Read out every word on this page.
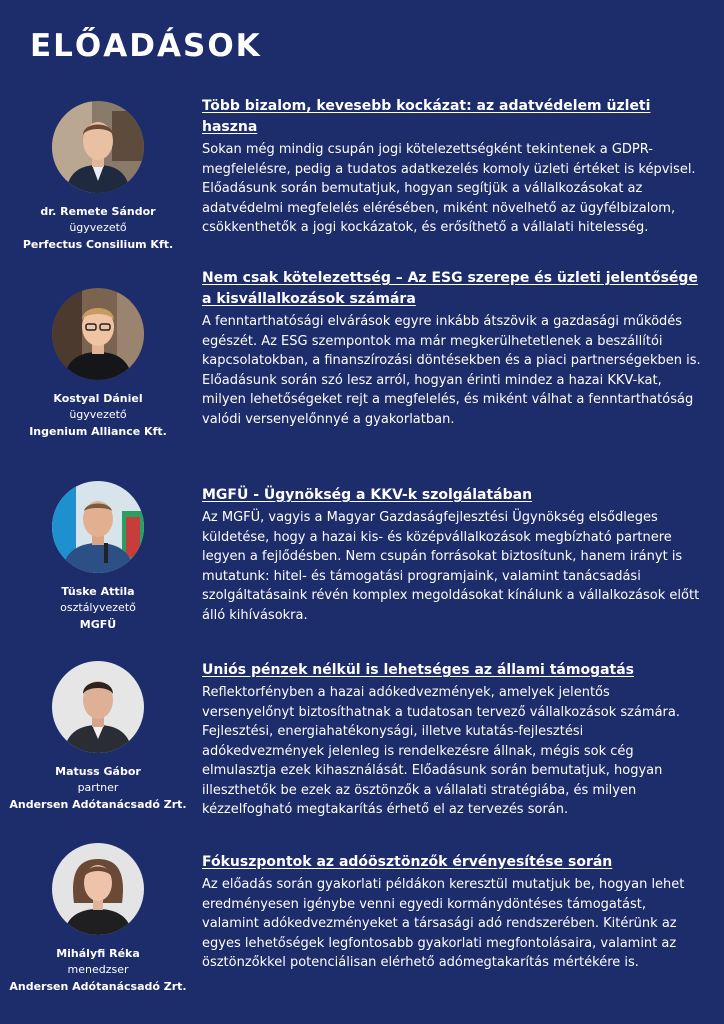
ELŐADÁSOK
dr. Remete Sándor
ügyvezető
Perfectus Consilium Kft.
Több bizalom, kevesebb kockázat: az adatvédelem üzleti haszna

Sokan még mindig csupán jogi kötelezettségként tekintenek a GDPR-megfelelésre, pedig a tudatos adatkezelés komoly üzleti értéket is képvisel. Előadásunk során bemutatjuk, hogyan segítjük a vállalkozásokat az adatvédelmi megfelelés elérésében, miként növelhető az ügyfélbizalom, csökkenthetők a jogi kockázatok, és erősíthető a vállalati hitelesség.

Kostyal Dániel
ügyvezető
Ingenium Alliance Kft.
Nem csak kötelezettség – Az ESG szerepe és üzleti jelentősége a kisvállalkozások számára

A fenntarthatósági elvárások egyre inkább átszövik a gazdasági működés egészét. Az ESG szempontok ma már megkerülhetetlenek a beszállítói kapcsolatokban, a finanszírozási döntésekben és a piaci partnerségekben is. Előadásunk során szó lesz arról, hogyan érinti mindez a hazai KKV-kat, milyen lehetőségeket rejt a megfelelés, és miként válhat a fenntarthatóság valódi versenyelőnnyé a gyakorlatban.

Tüske Attila
osztályvezető
MGFÜ
MGFÜ - Ügynökség a KKV-k szolgálatában

Az MGFÜ, vagyis a Magyar Gazdaságfejlesztési Ügynökség elsődleges küldetése, hogy a hazai kis- és középvállalkozások megbízható partnere legyen a fejlődésben. Nem csupán forrásokat biztosítunk, hanem irányt is mutatunk: hitel- és támogatási programjaink, valamint tanácsadási szolgáltatásaink révén komplex megoldásokat kínálunk a vállalkozások előtt álló kihívásokra.

Matuss Gábor
partner
Andersen Adótanácsadó Zrt.
Uniós pénzek nélkül is lehetséges az állami támogatás

Reflektorfényben a hazai adókedvezmények, amelyek jelentős versenyelőnyt biztosíthatnak a tudatosan tervező vállalkozások számára. Fejlesztési, energiahatékonysági, illetve kutatás-fejlesztési adókedvezmények jelenleg is rendelkezésre állnak, mégis sok cég elmulasztja ezek kihasználását. Előadásunk során bemutatjuk, hogyan illeszthetők be ezek az ösztönzők a vállalati stratégiába, és milyen kézzelfogható megtakarítás érhető el az tervezés során.

Mihályfi Réka
menedzser
Andersen Adótanácsadó Zrt.
Fókuszpontok az adóösztönzők érvényesítése során

Az előadás során gyakorlati példákon keresztül mutatjuk be, hogyan lehet eredményesen igénybe venni egyedi kormánydöntéses támogatást, valamint adókedvezményeket a társasági adó rendszerében. Kitérünk az egyes lehetőségek legfontosabb gyakorlati megfontolásaira, valamint az ösztönzőkkel potenciálisan elérhető adómegtakarítás mértékére is.
